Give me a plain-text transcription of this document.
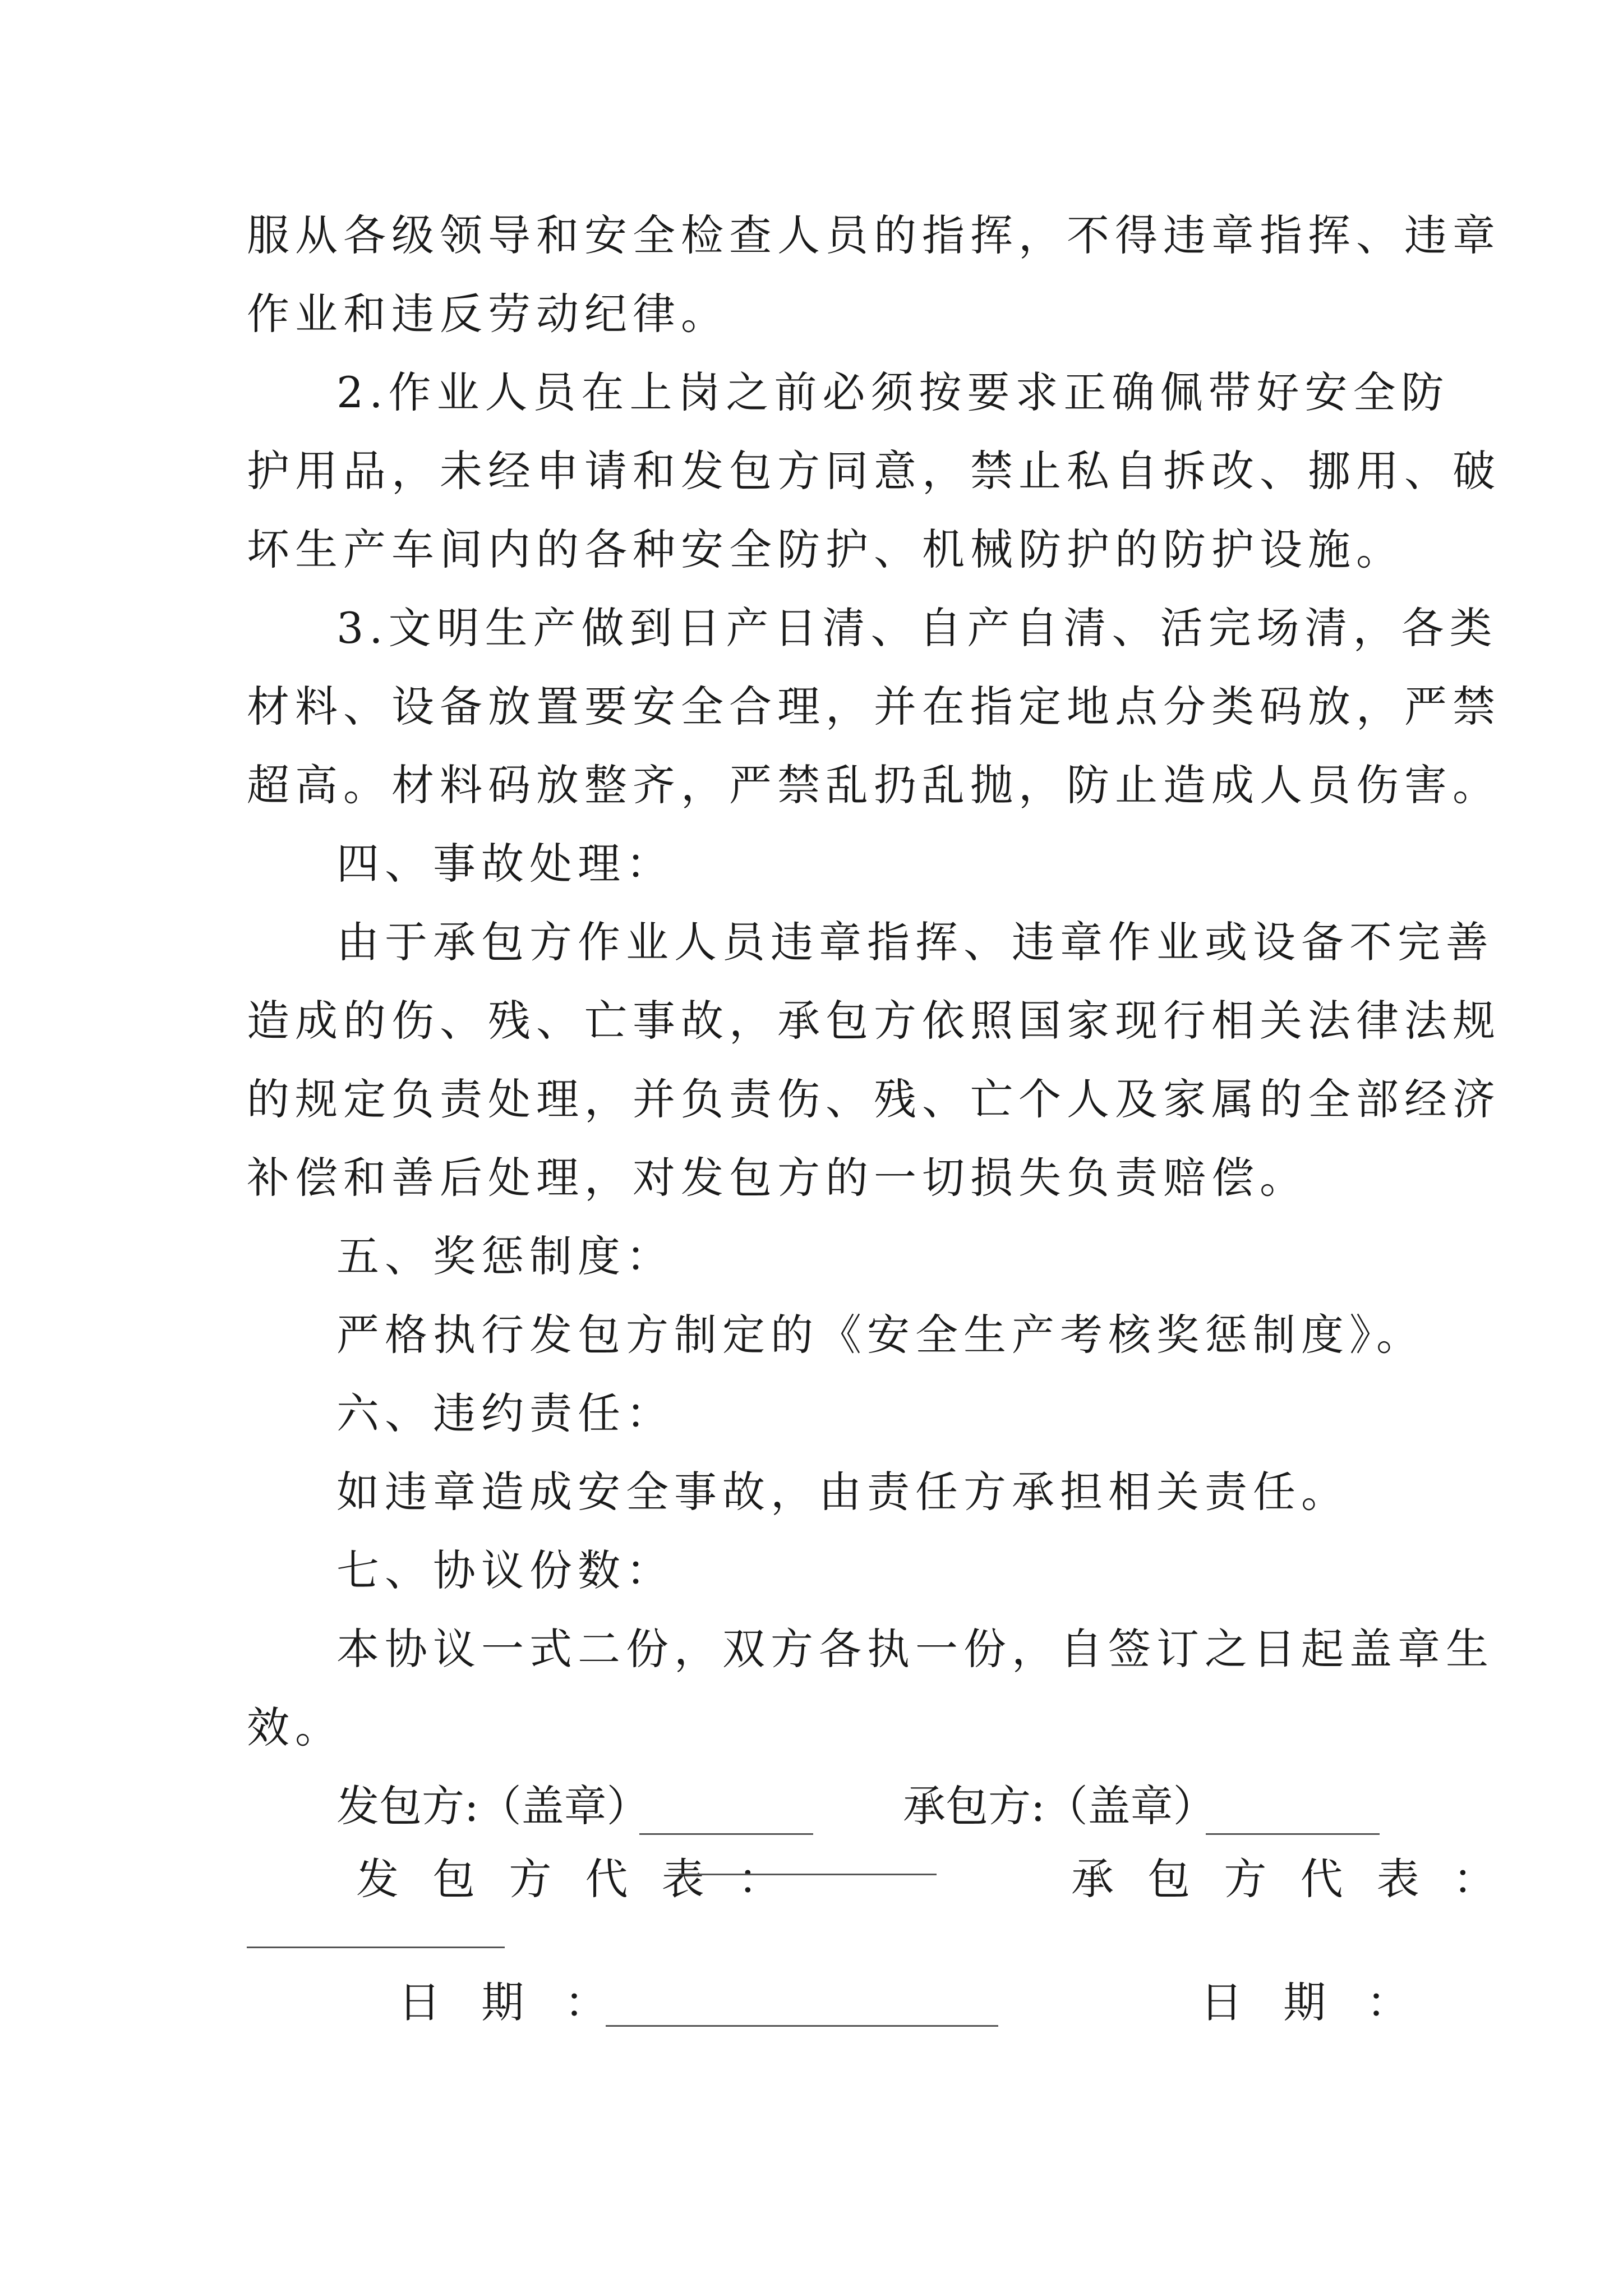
服从各级领导和安全检查人员的指挥，不得违章指挥、违章
作业和违反劳动纪律。
2.作业人员在上岗之前必须按要求正确佩带好安全防
护用品，未经申请和发包方同意，禁止私自拆改、挪用、破
坏生产车间内的各种安全防护、机械防护的防护设施。
3.文明生产做到日产日清、自产自清、活完场清，各类
材料、设备放置要安全合理，并在指定地点分类码放，严禁
超高。材料码放整齐，严禁乱扔乱抛，防止造成人员伤害。
四、事故处理：
由于承包方作业人员违章指挥、违章作业或设备不完善
造成的伤、残、亡事故，承包方依照国家现行相关法律法规
的规定负责处理，并负责伤、残、亡个人及家属的全部经济
补偿和善后处理，对发包方的一切损失负责赔偿。
五、奖惩制度：
严格执行发包方制定的《安全生产考核奖惩制度》。
六、违约责任：
如违章造成安全事故，由责任方承担相关责任。
七、协议份数：
本协议一式二份，双方各执一份，自签订之日起盖章生
效。
发包方:（盖章）	承包方:（盖章）
发 包 方 代 表 ：	承 包 方 代 表 ：
日 期 ：	日 期 ：
